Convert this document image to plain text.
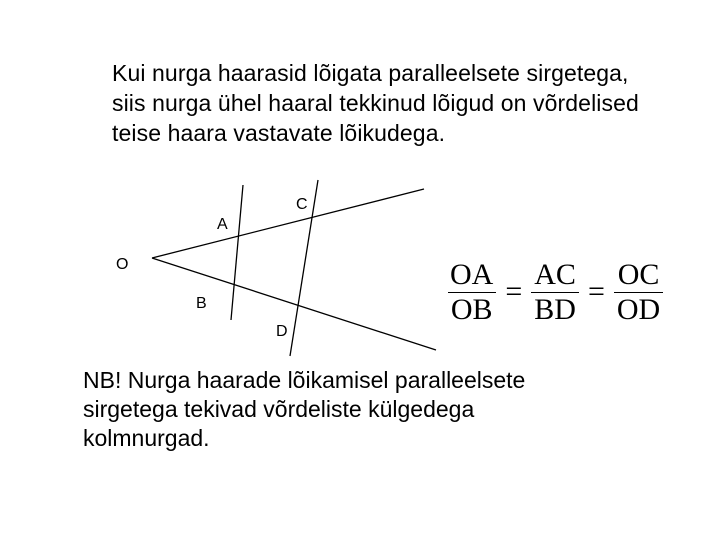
Kui nurga haarasid lõigata paralleelsete sirgetega,
siis nurga ühel haaral tekkinud lõigud on võrdelised
teise haara vastavate lõikudega.
O
A
B
C
D
$\frac{OA}{OB} = \frac{AC}{BD} = \frac{OC}{OD}$
NB! Nurga haarade lõikamisel paralleelsete
sirgetega tekivad võrdeliste külgedega
kolmnurgad.
